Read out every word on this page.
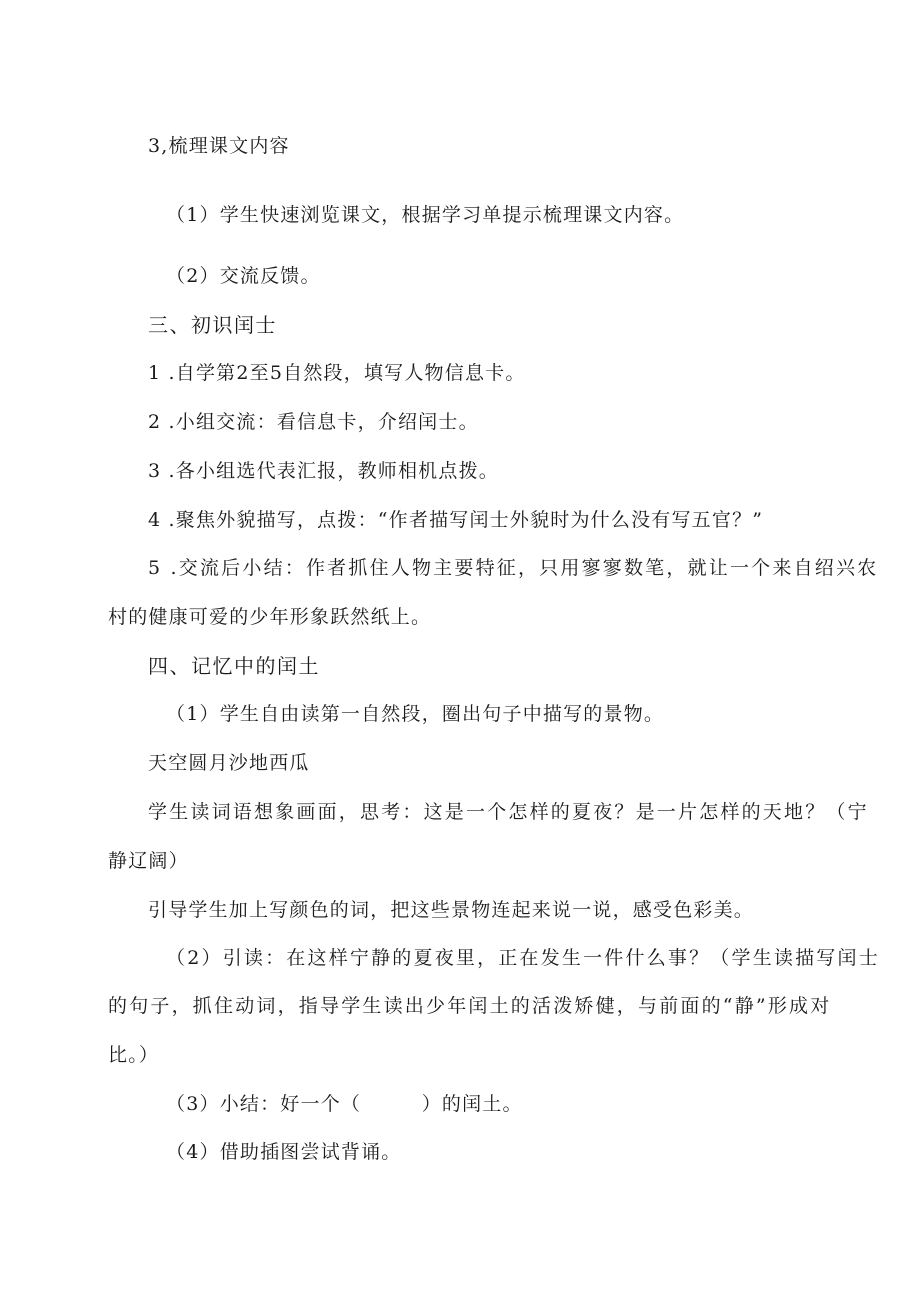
3,梳理课文内容
（1）学生快速浏览课文，根据学习单提示梳理课文内容。
（2）交流反馈。
三、初识闰士
1 .自学第2至5自然段，填写人物信息卡。
2 .小组交流：看信息卡，介绍闰士。
3 .各小组选代表汇报，教师相机点拨。
4 .聚焦外貌描写，点拨：“作者描写闰士外貌时为什么没有写五官？”
5 .交流后小结：作者抓住人物主要特征，只用寥寥数笔，就让一个来自绍兴农
村的健康可爱的少年形象跃然纸上。
四、记忆中的闰土
（1）学生自由读第一自然段，圈出句子中描写的景物。
天空圆月沙地西瓜
学生读词语想象画面，思考：这是一个怎样的夏夜？是一片怎样的天地？（宁
静辽阔）
引导学生加上写颜色的词，把这些景物连起来说一说，感受色彩美。
（2）引读：在这样宁静的夏夜里，正在发生一件什么事？（学生读描写闰士
的句子，抓住动词，指导学生读出少年闰土的活泼矫健，与前面的“静”形成对
比。）
（3）小结：好一个（　　　）的闰土。
（4）借助插图尝试背诵。
